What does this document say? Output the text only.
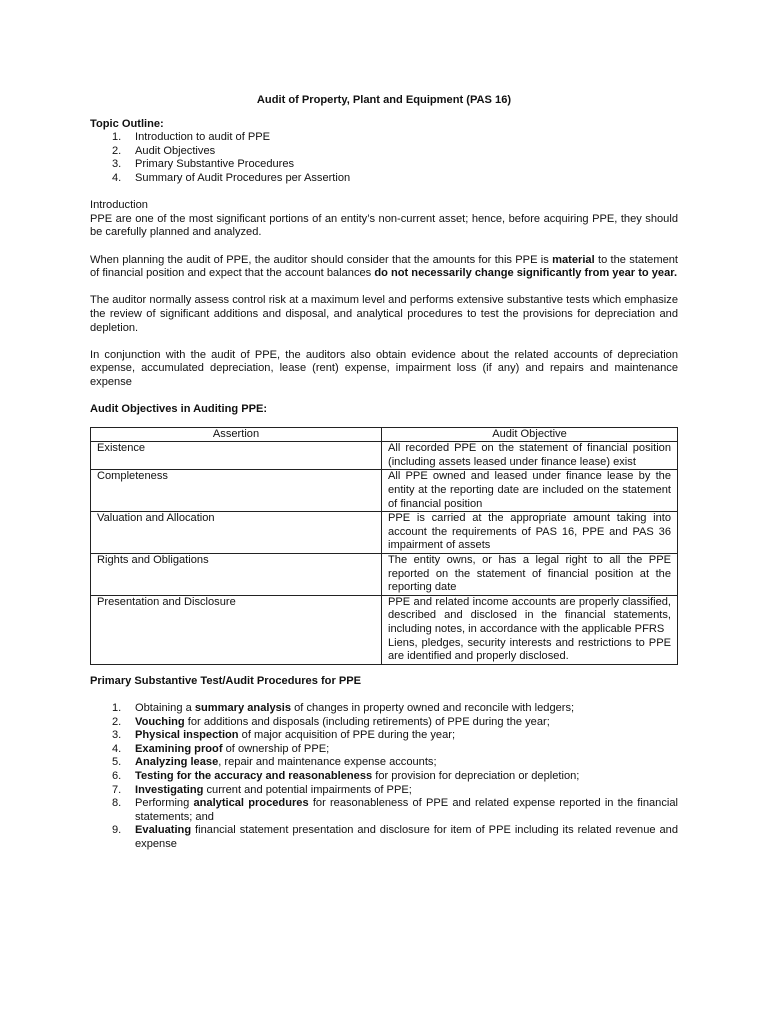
Audit of Property, Plant and Equipment (PAS 16)

Topic Outline:

1. Introduction to audit of PPE
2. Audit Objectives
3. Primary Substantive Procedures
4. Summary of Audit Procedures per Assertion

Introduction

PPE are one of the most significant portions of an entity’s non-current asset; hence, before acquiring PPE, they should be carefully planned and analyzed.

When planning the audit of PPE, the auditor should consider that the amounts for this PPE is material to the statement of financial position and expect that the account balances do not necessarily change significantly from year to year.

The auditor normally assess control risk at a maximum level and performs extensive substantive tests which emphasize the review of significant additions and disposal, and analytical procedures to test the provisions for depreciation and depletion.

In conjunction with the audit of PPE, the auditors also obtain evidence about the related accounts of depreciation expense, accumulated depreciation, lease (rent) expense, impairment loss (if any) and repairs and maintenance expense

Audit Objectives in Auditing PPE:

Assertion	Audit Objective
Existence	All recorded PPE on the statement of financial position (including assets leased under finance lease) exist
Completeness	All PPE owned and leased under finance lease by the entity at the reporting date are included on the statement of financial position
Valuation and Allocation	PPE is carried at the appropriate amount taking into account the requirements of PAS 16, PPE and PAS 36 impairment of assets
Rights and Obligations	The entity owns, or has a legal right to all the PPE reported on the statement of financial position at the reporting date
Presentation and Disclosure	PPE and related income accounts are properly classified, described and disclosed in the financial statements, including notes, in accordance with the applicable PFRS
Liens, pledges, security interests and restrictions to PPE are identified and properly disclosed.

Primary Substantive Test/Audit Procedures for PPE

1. Obtaining a summary analysis of changes in property owned and reconcile with ledgers;
2. Vouching for additions and disposals (including retirements) of PPE during the year;
3. Physical inspection of major acquisition of PPE during the year;
4. Examining proof of ownership of PPE;
5. Analyzing lease, repair and maintenance expense accounts;
6. Testing for the accuracy and reasonableness for provision for depreciation or depletion;
7. Investigating current and potential impairments of PPE;
8. Performing analytical procedures for reasonableness of PPE and related expense reported in the financial statements; and
9. Evaluating financial statement presentation and disclosure for item of PPE including its related revenue and expense
